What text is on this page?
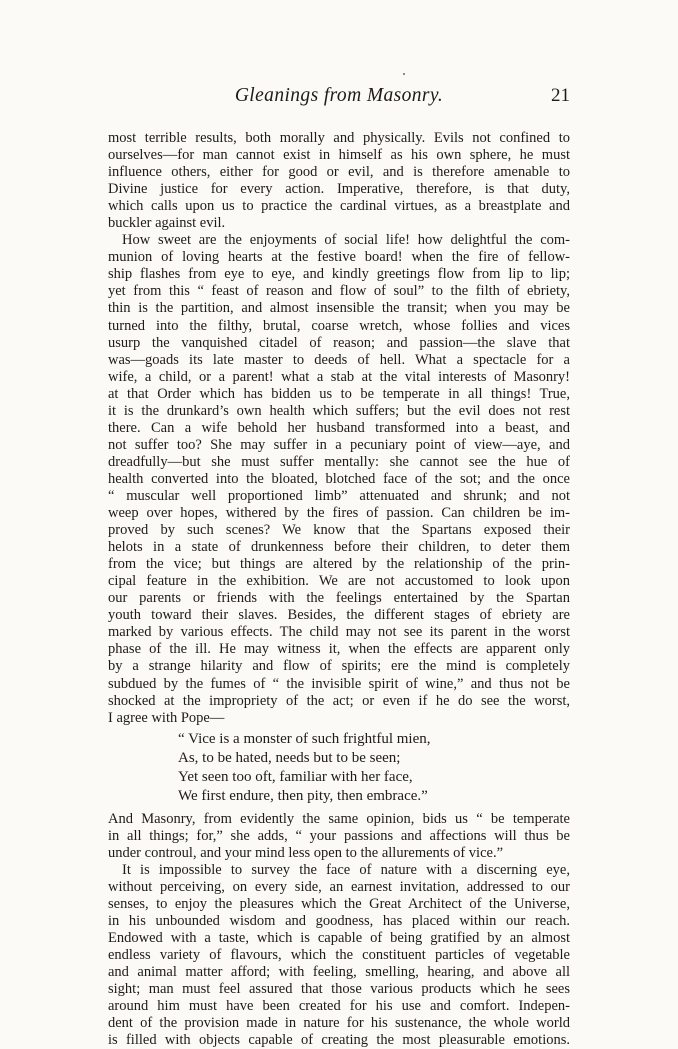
Gleanings from Masonry.	21
most terrible results, both morally and physically. Evils not confined to
ourselves—for man cannot exist in himself as his own sphere, he must
influence others, either for good or evil, and is therefore amenable to
Divine justice for every action. Imperative, therefore, is that duty,
which calls upon us to practice the cardinal virtues, as a breastplate and
buckler against evil.
How sweet are the enjoyments of social life! how delightful the com-
munion of loving hearts at the festive board! when the fire of fellow-
ship flashes from eye to eye, and kindly greetings flow from lip to lip;
yet from this “ feast of reason and flow of soul” to the filth of ebriety,
thin is the partition, and almost insensible the transit; when you may be
turned into the filthy, brutal, coarse wretch, whose follies and vices
usurp the vanquished citadel of reason; and passion—the slave that
was—goads its late master to deeds of hell. What a spectacle for a
wife, a child, or a parent! what a stab at the vital interests of Masonry!
at that Order which has bidden us to be temperate in all things! True,
it is the drunkard’s own health which suffers; but the evil does not rest
there. Can a wife behold her husband transformed into a beast, and
not suffer too? She may suffer in a pecuniary point of view—aye, and
dreadfully—but she must suffer mentally: she cannot see the hue of
health converted into the bloated, blotched face of the sot; and the once
“ muscular well proportioned limb” attenuated and shrunk; and not
weep over hopes, withered by the fires of passion. Can children be im-
proved by such scenes? We know that the Spartans exposed their
helots in a state of drunkenness before their children, to deter them
from the vice; but things are altered by the relationship of the prin-
cipal feature in the exhibition. We are not accustomed to look upon
our parents or friends with the feelings entertained by the Spartan
youth toward their slaves. Besides, the different stages of ebriety are
marked by various effects. The child may not see its parent in the worst
phase of the ill. He may witness it, when the effects are apparent only
by a strange hilarity and flow of spirits; ere the mind is completely
subdued by the fumes of “ the invisible spirit of wine,” and thus not be
shocked at the impropriety of the act; or even if he do see the worst,
I agree with Pope—
“ Vice is a monster of such frightful mien,
As, to be hated, needs but to be seen;
Yet seen too oft, familiar with her face,
We first endure, then pity, then embrace.”
And Masonry, from evidently the same opinion, bids us “ be temperate
in all things; for,” she adds, “ your passions and affections will thus be
under controul, and your mind less open to the allurements of vice.”
It is impossible to survey the face of nature with a discerning eye,
without perceiving, on every side, an earnest invitation, addressed to our
senses, to enjoy the pleasures which the Great Architect of the Universe,
in his unbounded wisdom and goodness, has placed within our reach.
Endowed with a taste, which is capable of being gratified by an almost
endless variety of flavours, which the constituent particles of vegetable
and animal matter afford; with feeling, smelling, hearing, and above all
sight; man must feel assured that those various products which he sees
around him must have been created for his use and comfort. Indepen-
dent of the provision made in nature for his sustenance, the whole world
is filled with objects capable of creating the most pleasurable emotions.
